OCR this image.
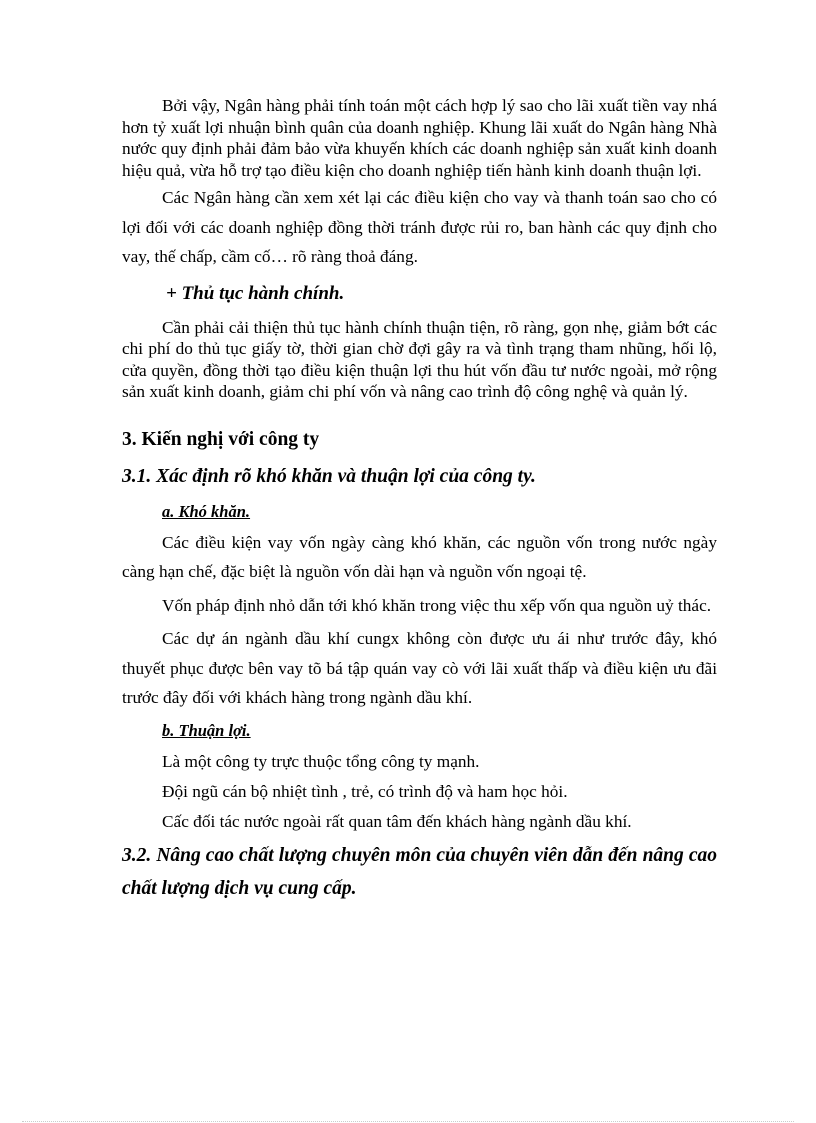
Bởi vậy, Ngân hàng phải tính toán một cách hợp lý sao cho lãi xuất tiền vay nhá hơn tỷ xuất lợi nhuận bình quân của doanh nghiệp. Khung lãi xuất do Ngân hàng Nhà nước quy định phải đảm bảo vừa khuyến khích các doanh nghiệp sản xuất kinh doanh hiệu quả, vừa hỗ trợ tạo điều kiện cho doanh nghiệp tiến hành kinh doanh thuận lợi.

Các Ngân hàng cần xem xét lại các điều kiện cho vay và thanh toán sao cho có lợi đối với các doanh nghiệp đồng thời tránh được rủi ro, ban hành các quy định cho vay, thế chấp, cầm cố… rõ ràng thoả đáng.

+ Thủ tục hành chính.

Cần phải cải thiện thủ tục hành chính thuận tiện, rõ ràng, gọn nhẹ, giảm bớt các chi phí do thủ tục giấy tờ, thời gian chờ đợi gây ra và tình trạng tham nhũng, hối lộ, cửa quyền, đồng thời tạo điều kiện thuận lợi thu hút vốn đầu tư nước ngoài, mở rộng sản xuất kinh doanh, giảm chi phí vốn và nâng cao trình độ công nghệ và quản lý.

3. Kiến nghị với công ty

3.1. Xác định rõ khó khăn và thuận lợi của công ty.

a. Khó khăn.

Các điều kiện vay vốn ngày càng khó khăn, các nguồn vốn trong nước ngày càng hạn chế, đặc biệt là nguồn vốn dài hạn và nguồn vốn ngoại tệ.

Vốn pháp định nhỏ dẫn tới khó khăn trong việc thu xếp vốn qua nguồn uỷ thác.

Các dự án ngành dầu khí cungx không còn được ưu ái như trước đây, khó thuyết phục được bên vay tõ bá tập quán vay cò với lãi xuất thấp và điều kiện ưu đãi trước đây đối với khách hàng trong ngành dầu khí.

b. Thuận lợi.

Là một công ty trực thuộc tổng công ty mạnh.

Đội ngũ cán bộ nhiệt tình , trẻ, có trình độ và ham học hỏi.

Cấc đối tác nước ngoài rất quan tâm đến khách hàng ngành dầu khí.

3.2. Nâng cao chất lượng chuyên môn của chuyên viên dẫn đến nâng cao chất lượng dịch vụ cung cấp.
